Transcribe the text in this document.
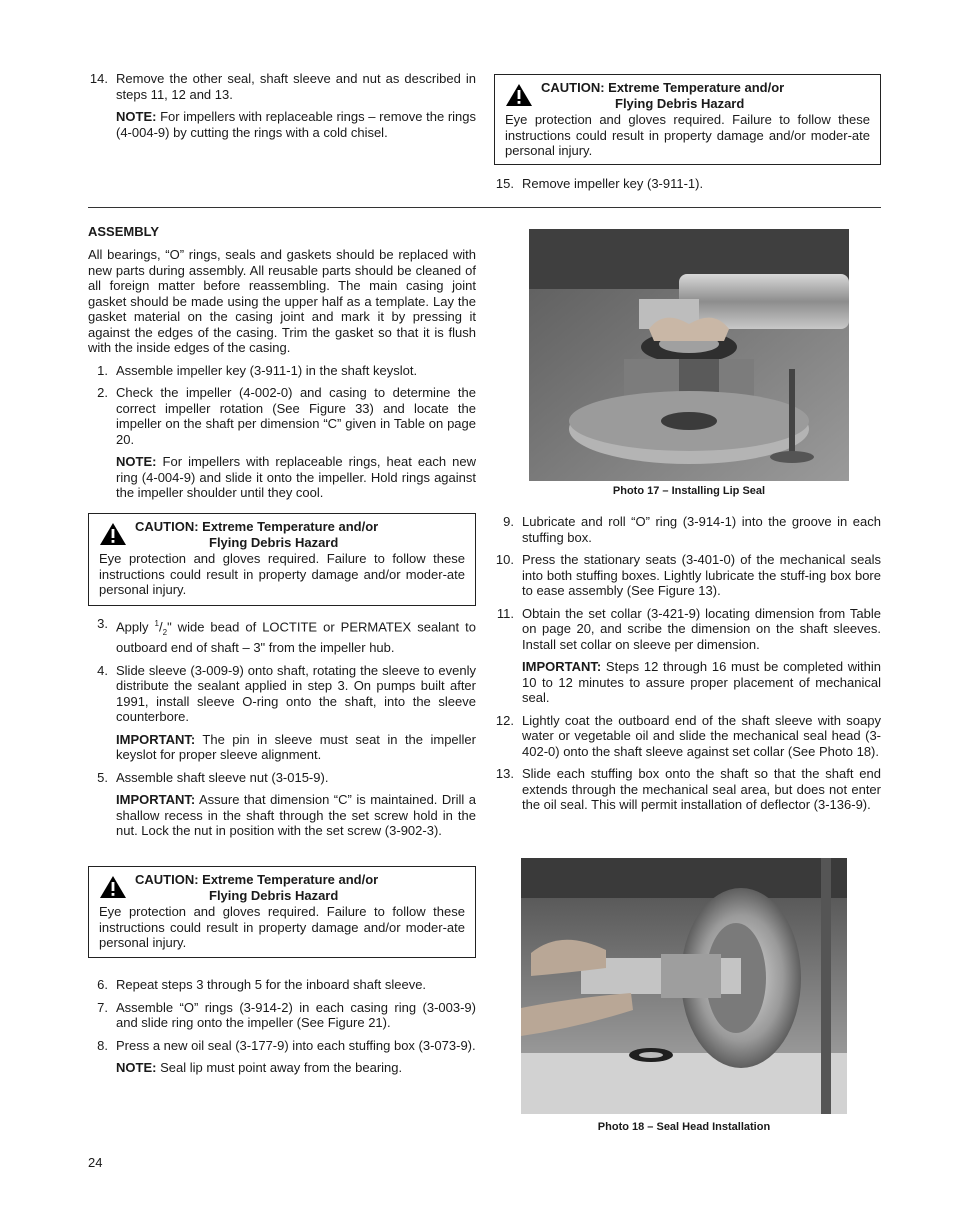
14. Remove the other seal, shaft sleeve and nut as described in steps 11, 12 and 13.
NOTE: For impellers with replaceable rings – remove the rings (4-004-9) by cutting the rings with a cold chisel.
CAUTION: Extreme Temperature and/or
Flying Debris Hazard
Eye protection and gloves required. Failure to follow these instructions could result in property damage and/or moder-ate personal injury.
15. Remove impeller key (3-911-1).
ASSEMBLY

All bearings, “O” rings, seals and gaskets should be replaced with new parts during assembly. All reusable parts should be cleaned of all foreign matter before reassembling. The main casing joint gasket should be made using the upper half as a template. Lay the gasket material on the casing joint and mark it by pressing it against the edges of the casing. Trim the gasket so that it is flush with the inside edges of the casing.

1. Assemble impeller key (3-911-1) in the shaft keyslot.
2. Check the impeller (4-002-0) and casing to determine the correct impeller rotation (See Figure 33) and locate the impeller on the shaft per dimension “C” given in Table on page 20.
NOTE: For impellers with replaceable rings, heat each new ring (4-004-9) and slide it onto the impeller. Hold rings against the impeller shoulder until they cool.
CAUTION: Extreme Temperature and/or
Flying Debris Hazard
Eye protection and gloves required. Failure to follow these instructions could result in property damage and/or moder-ate personal injury.
3. Apply $^1/_2$" wide bead of LOCTITE or PERMATEX sealant to outboard end of shaft – 3" from the impeller hub.
4. Slide sleeve (3-009-9) onto shaft, rotating the sleeve to evenly distribute the sealant applied in step 3. On pumps built after 1991, install sleeve O-ring onto the shaft, into the sleeve counterbore.
IMPORTANT: The pin in sleeve must seat in the impeller keyslot for proper sleeve alignment.
5. Assemble shaft sleeve nut (3-015-9).
IMPORTANT: Assure that dimension “C” is maintained. Drill a shallow recess in the shaft through the set screw hold in the nut. Lock the nut in position with the set screw (3-902-3).
CAUTION: Extreme Temperature and/or
Flying Debris Hazard
Eye protection and gloves required. Failure to follow these instructions could result in property damage and/or moder-ate personal injury.
6. Repeat steps 3 through 5 for the inboard shaft sleeve.
7. Assemble “O” rings (3-914-2) in each casing ring (3-003-9) and slide ring onto the impeller (See Figure 21).
8. Press a new oil seal (3-177-9) into each stuffing box (3-073-9).
NOTE: Seal lip must point away from the bearing.
Photo 17 – Installing Lip Seal
9. Lubricate and roll “O” ring (3-914-1) into the groove in each stuffing box.
10. Press the stationary seats (3-401-0) of the mechanical seals into both stuffing boxes. Lightly lubricate the stuff-ing box bore to ease assembly (See Figure 13).
11. Obtain the set collar (3-421-9) locating dimension from Table on page 20, and scribe the dimension on the shaft sleeves. Install set collar on sleeve per dimension.
IMPORTANT: Steps 12 through 16 must be completed within 10 to 12 minutes to assure proper placement of mechanical seal.
12. Lightly coat the outboard end of the shaft sleeve with soapy water or vegetable oil and slide the mechanical seal head (3-402-0) onto the shaft sleeve against set collar (See Photo 18).
13. Slide each stuffing box onto the shaft so that the shaft end extends through the mechanical seal area, but does not enter the oil seal. This will permit installation of deflector (3-136-9).
Photo 18 – Seal Head Installation
24
